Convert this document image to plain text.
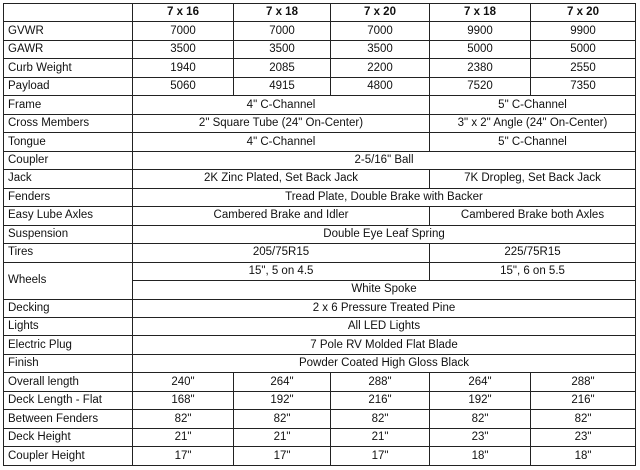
	7 x 16	7 x 18	7 x 20	7 x 18	7 x 20
GVWR	7000	7000	7000	9900	9900
GAWR	3500	3500	3500	5000	5000
Curb Weight	1940	2085	2200	2380	2550
Payload	5060	4915	4800	7520	7350
Frame	4" C-Channel			5" C-Channel	
Cross Members	2" Square Tube (24" On-Center)			3" x 2" Angle (24" On-Center)	
Tongue	4" C-Channel			5" C-Channel	
Coupler	2-5/16" Ball				
Jack	2K Zinc Plated, Set Back Jack			7K Dropleg, Set Back Jack	
Fenders	Tread Plate, Double Brake with Backer				
Easy Lube Axles	Cambered Brake and Idler			Cambered Brake both Axles	
Suspension	Double Eye Leaf Spring				
Tires	205/75R15			225/75R15	
Wheels	15", 5 on 4.5			15", 6 on 5.5	
	White Spoke				
Decking	2 x 6 Pressure Treated Pine				
Lights	All LED Lights				
Electric Plug	7 Pole RV Molded Flat Blade				
Finish	Powder Coated High Gloss Black				
Overall length	240"	264"	288"	264"	288"
Deck Length - Flat	168"	192"	216"	192"	216"
Between Fenders	82"	82"	82"	82"	82"
Deck Height	21"	21"	21"	23"	23"
Coupler Height	17"	17"	17"	18"	18"
